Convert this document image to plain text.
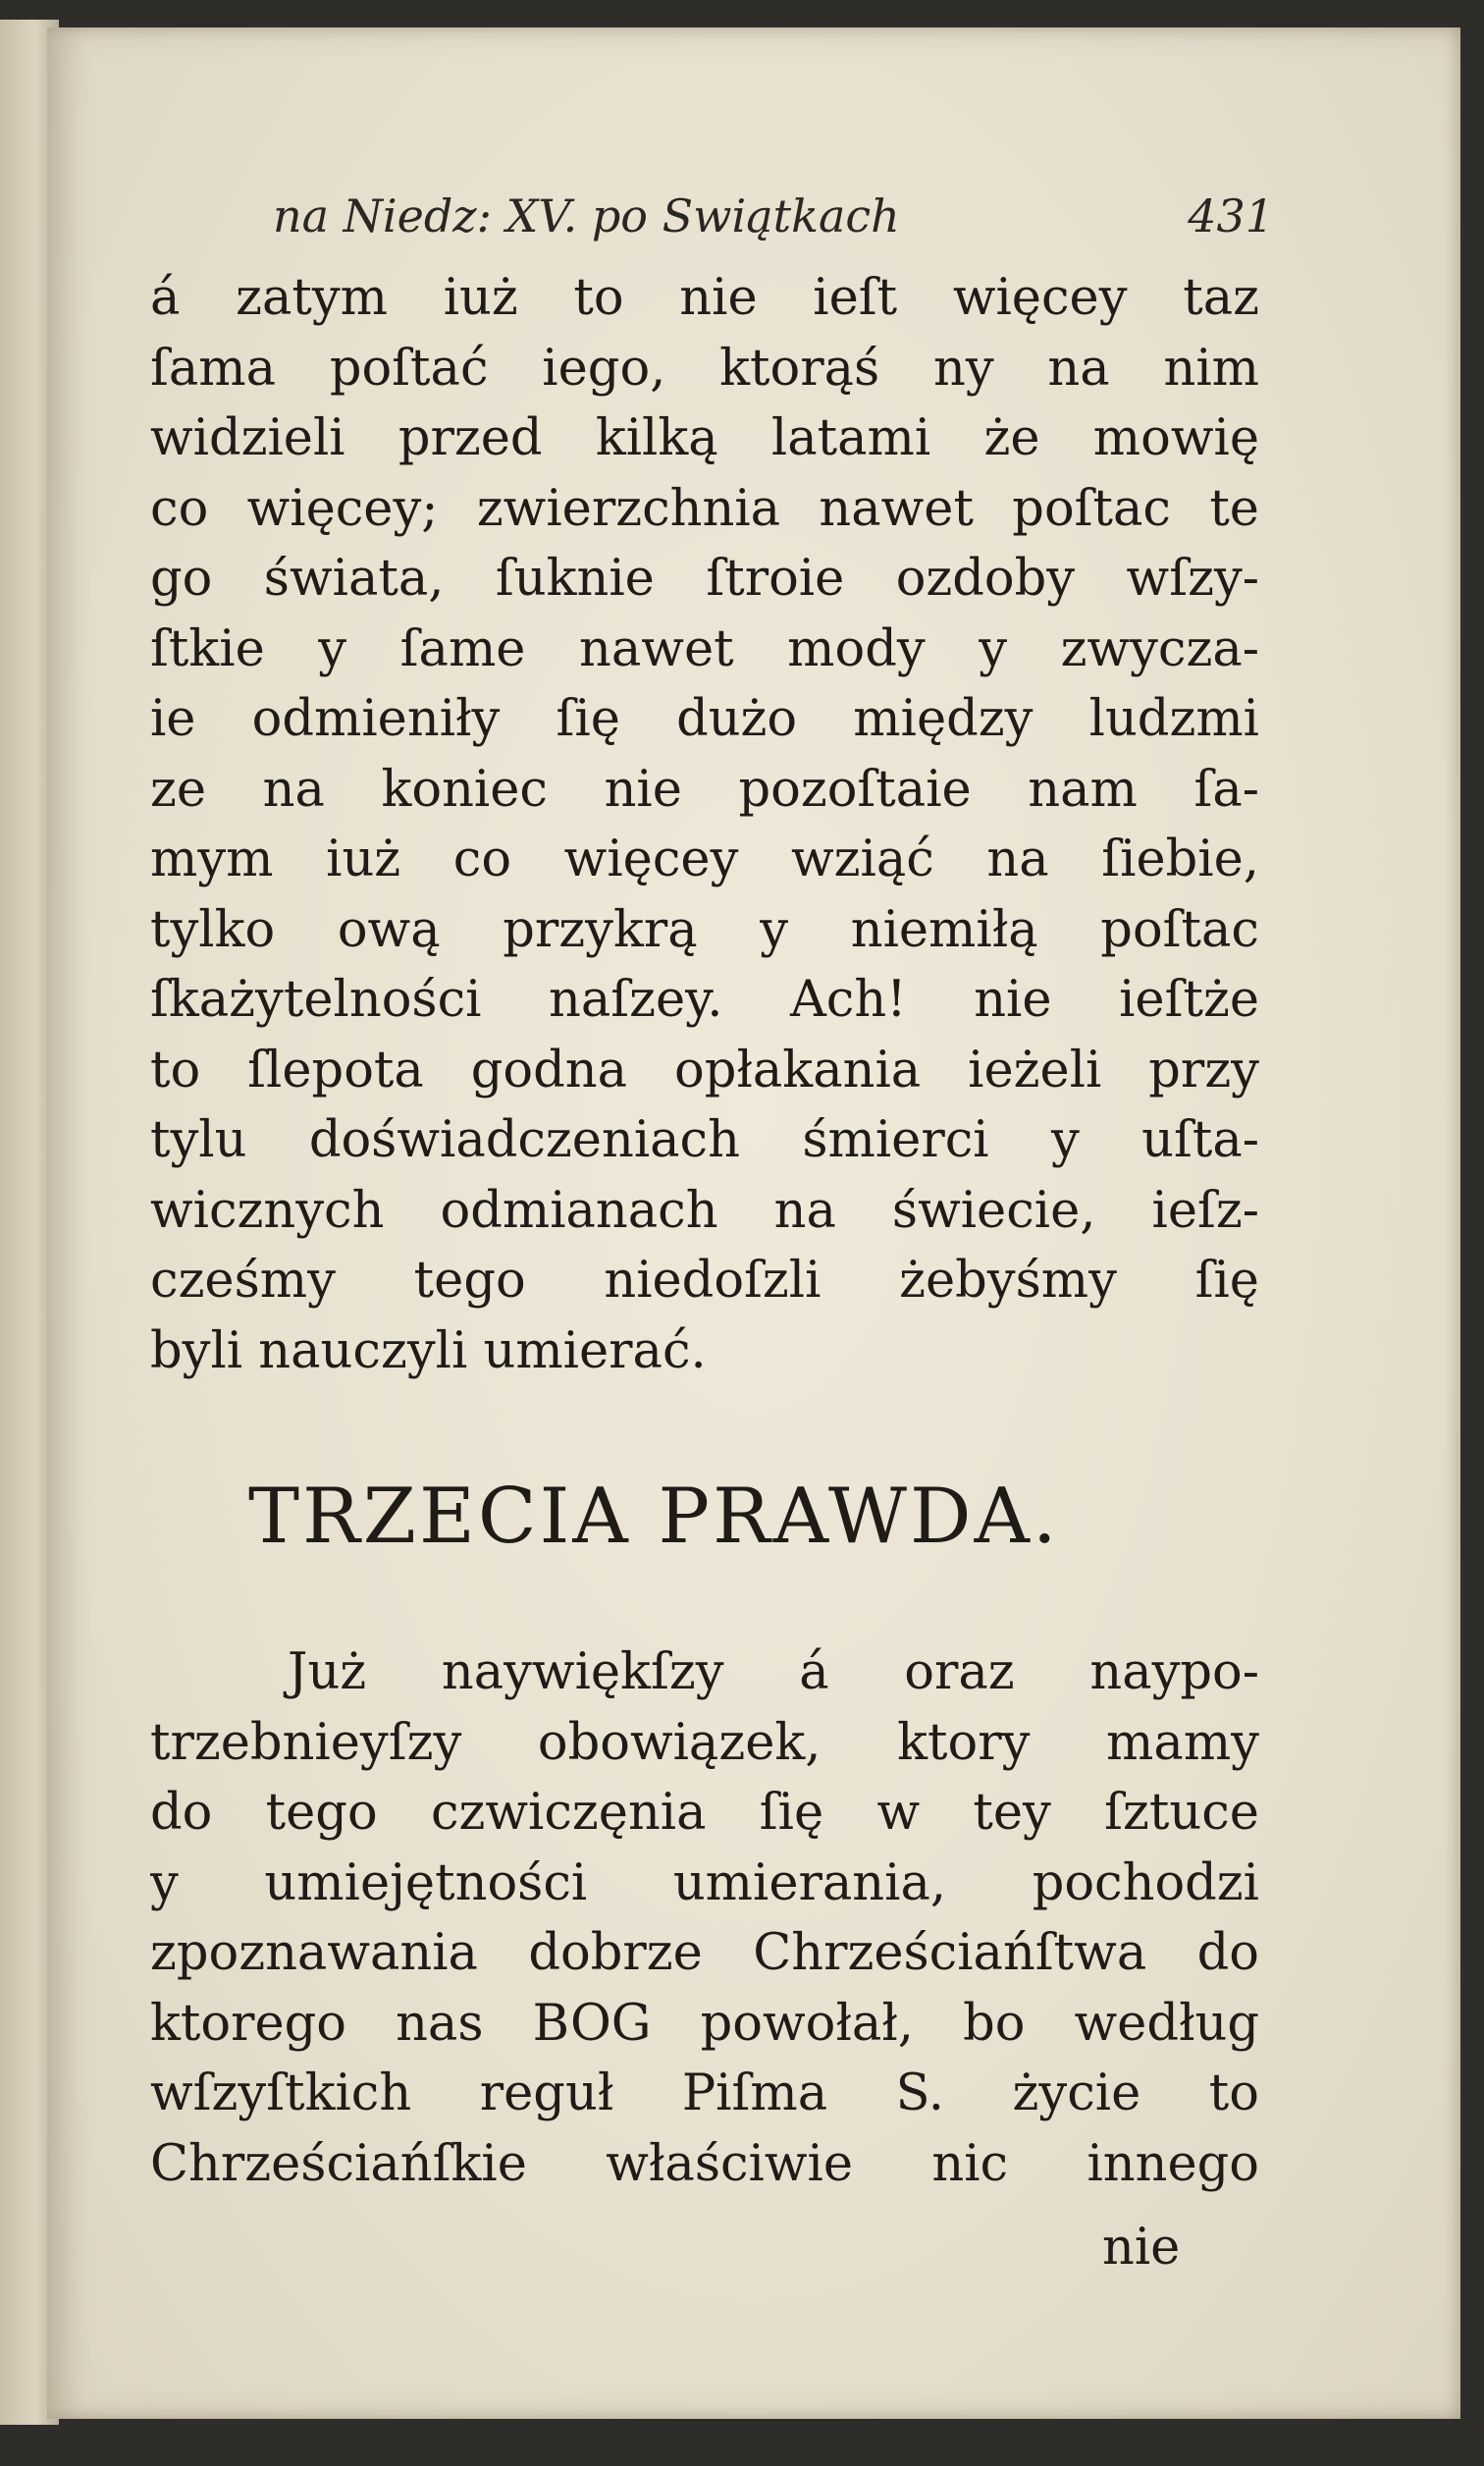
na Niedz: XV. po Swiątkach	431
á zatym iuż to nie ieſt więcey taz
ſama poſtać iego, ktorąś ny na nim
widzieli przed kilką latami że mowię
co więcey; zwierzchnia nawet poſtac te
go świata, ſuknie ſtroie ozdoby wſzy-
ſtkie y ſame nawet mody y zwycza-
ie odmieniły ſię dużo między ludzmi
ze na koniec nie pozoſtaie nam ſa-
mym iuż co więcey wziąć na ſiebie,
tylko ową przykrą y niemiłą poſtac
ſkażytelności naſzey. Ach! nie ieſtże
to ſlepota godna opłakania ieżeli przy
tylu doświadczeniach śmierci y uſta-
wicznych odmianach na świecie, ieſz-
cześmy tego niedoſzli żebyśmy ſię
byli nauczyli umierać.
TRZECIA PRAWDA.
Już naywiękſzy á oraz naypo-
trzebnieyſzy obowiązek, ktory mamy
do tego czwiczęnia ſię w tey ſztuce
y umiejętności umierania, pochodzi
zpoznawania dobrze Chrześciańſtwa do
ktorego nas BOG powołał, bo według
wſzyſtkich reguł Piſma S. życie to
Chrześciańſkie właściwie nic innego
nie
